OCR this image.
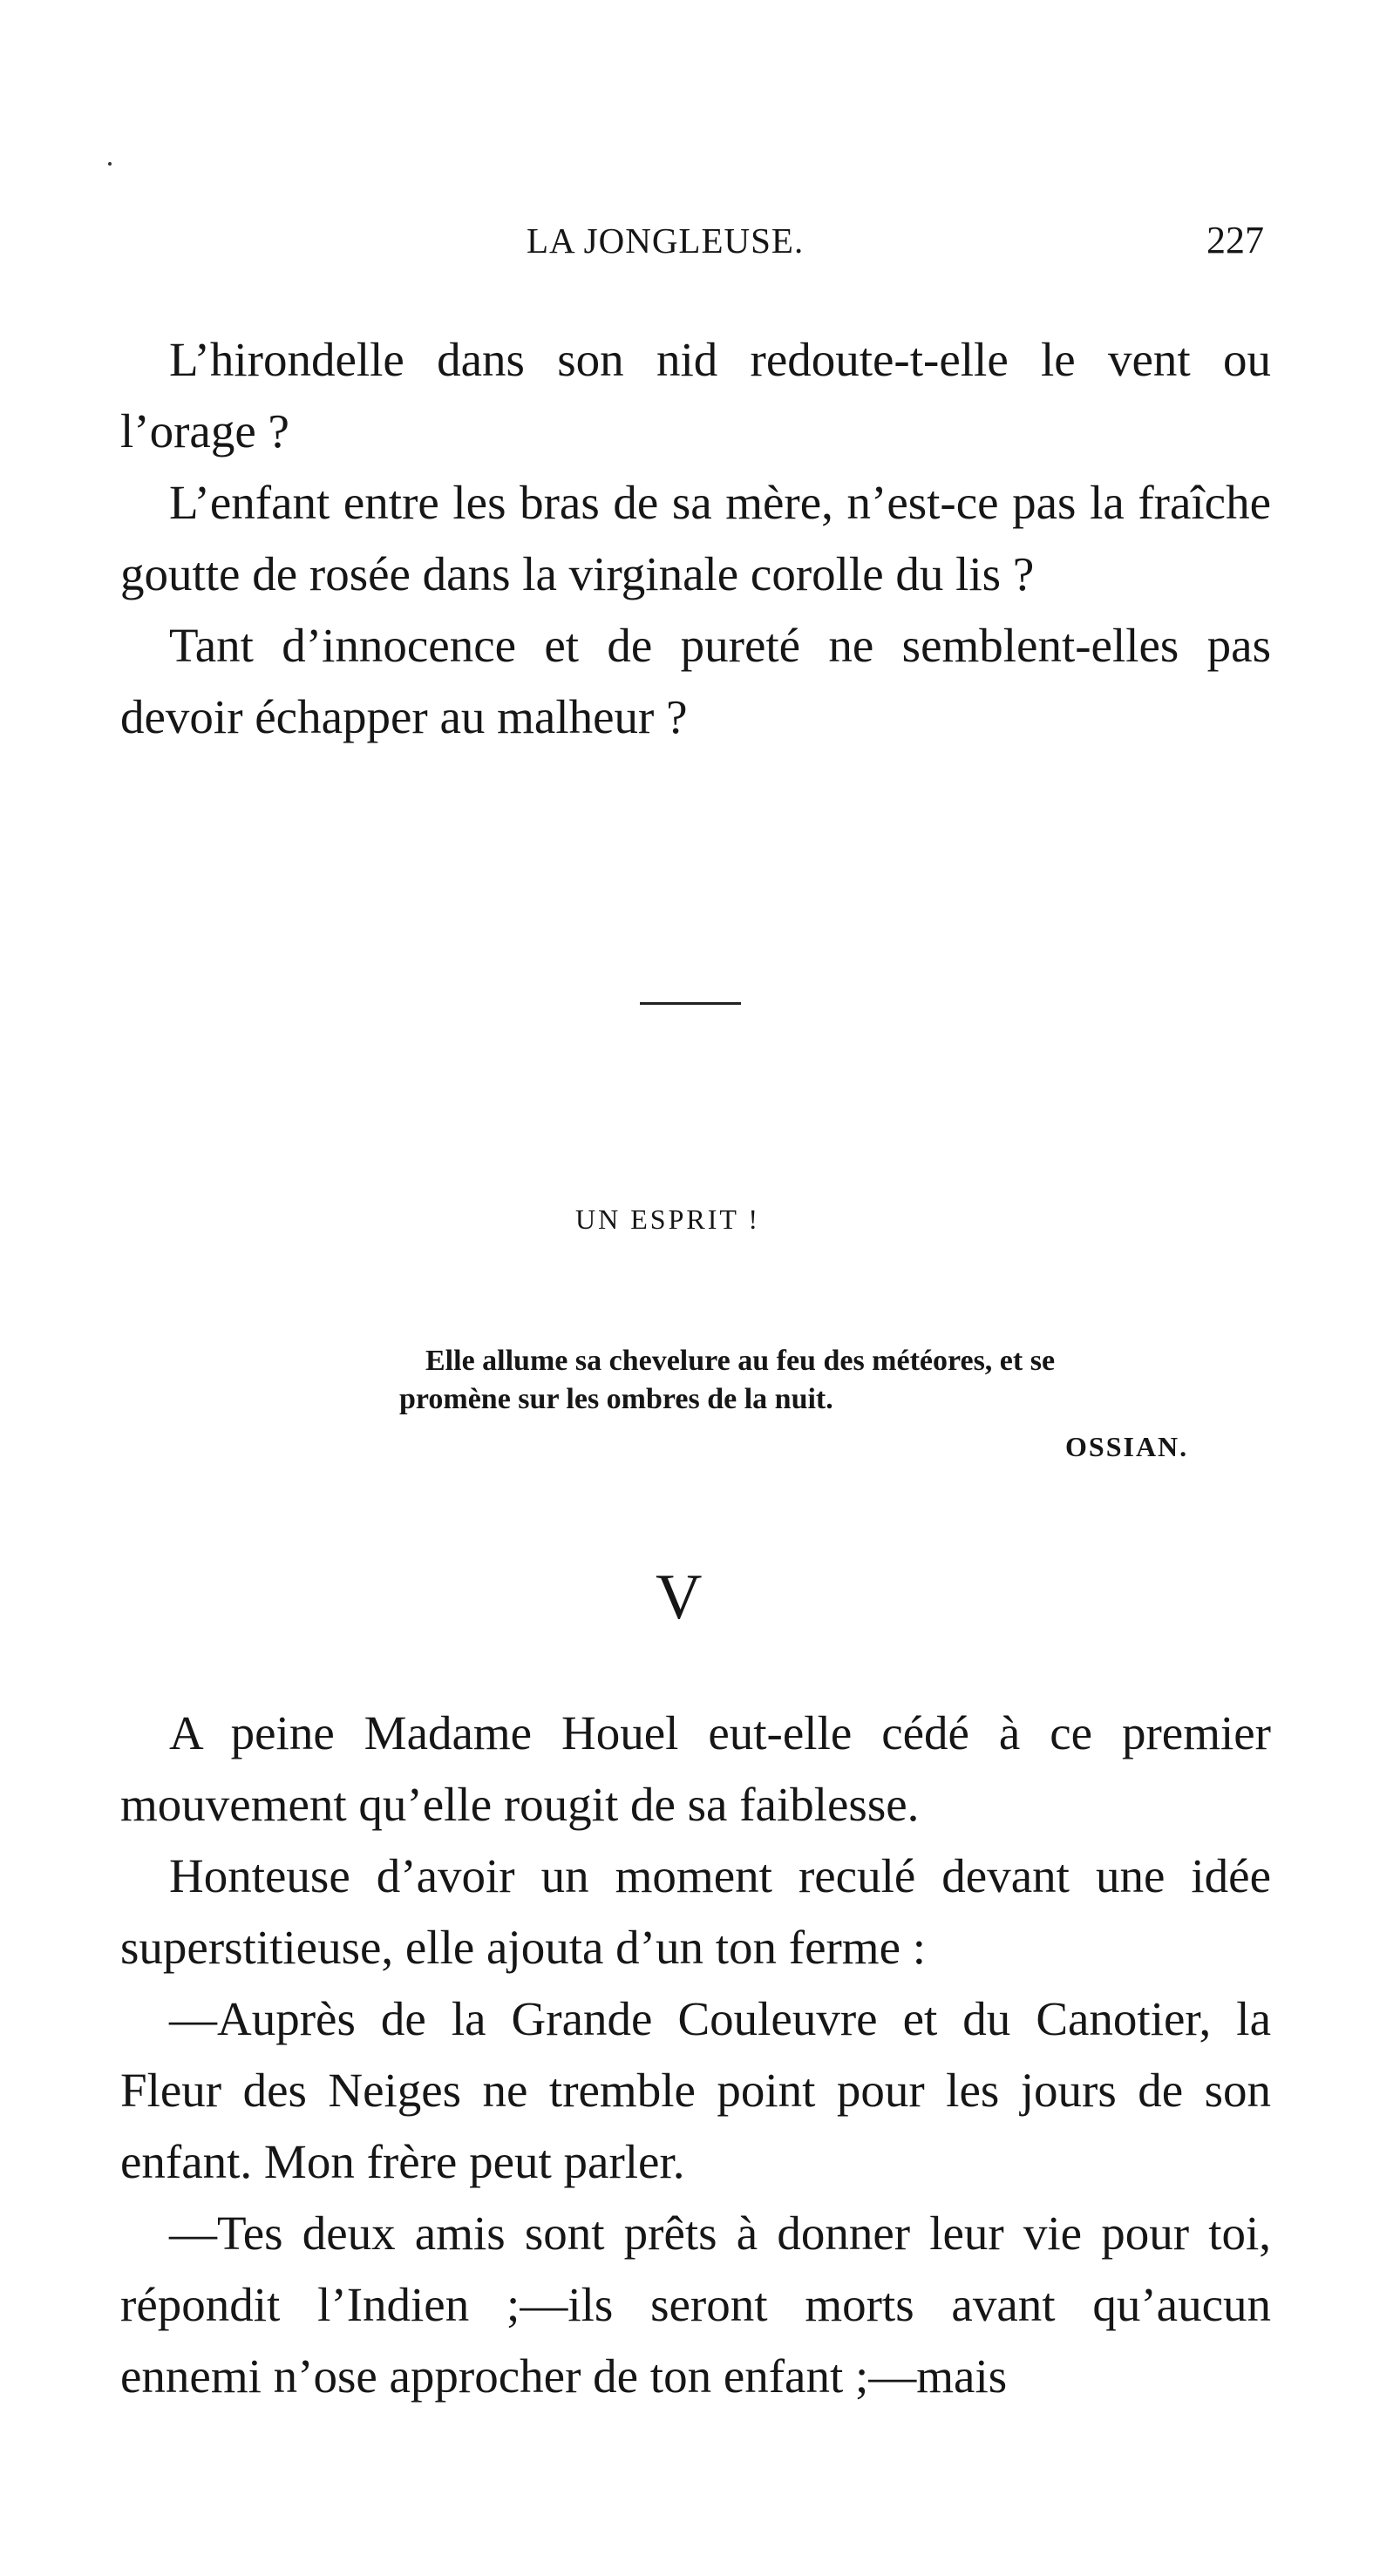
LA JONGLEUSE.	227

L’hirondelle dans son nid redoute-t-elle le vent ou l’orage ?

L’enfant entre les bras de sa mère, n’est-ce pas la fraîche goutte de rosée dans la virginale corolle du lis ?

Tant d’innocence et de pureté ne semblent-elles pas devoir échapper au malheur ?

UN ESPRIT !
Elle allume sa chevelure au feu des météores, et se
promène sur les ombres de la nuit.
OSSIAN.
V

A peine Madame Houel eut-elle cédé à ce premier mouvement qu’elle rougit de sa faiblesse.

Honteuse d’avoir un moment reculé devant une idée superstitieuse, elle ajouta d’un ton ferme :

—Auprès de la Grande Couleuvre et du Canotier, la Fleur des Neiges ne tremble point pour les jours de son enfant. Mon frère peut parler.

—Tes deux amis sont prêts à donner leur vie pour toi, répondit l’Indien ;—ils seront morts avant qu’aucun ennemi n’ose approcher de ton enfant ;—mais
